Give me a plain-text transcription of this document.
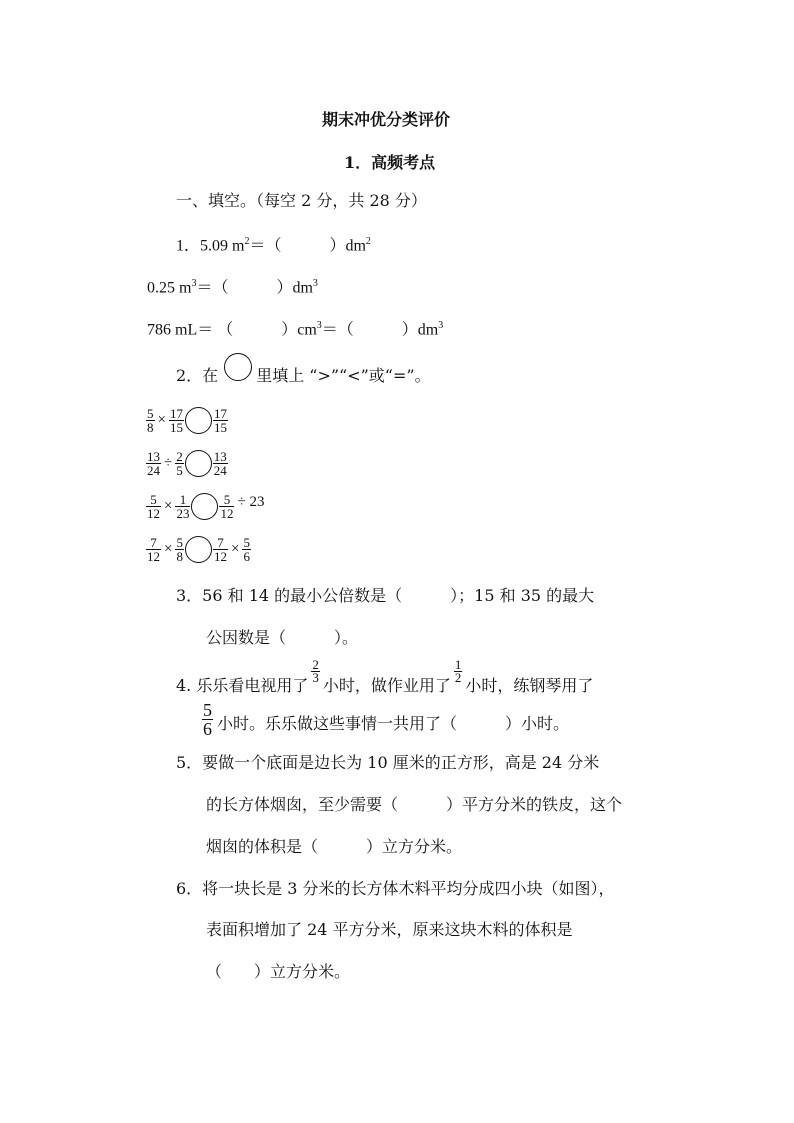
期末冲优分类评价
1．高频考点
一、填空。（每空 2 分，共 28 分）
1．5.09 $m^2=$（　　　）$dm^2$
0.25 $m^3=$（　　　）$dm^3$
786 mL＝ （　　　）$cm^3=$（　　　）$dm^3$
2．在 里填上 “>”“<”或“=”。
$\frac{5}{8} \times \frac{17}{15} \frac{17}{15}$
$\frac{13}{24} \div \frac{2}{5} \frac{13}{24}$
$\frac{5}{12} \times \frac{1}{23} \frac{5}{12} \div 23$
$\frac{7}{12} \times \frac{5}{8} \frac{7}{12} \times \frac{5}{6}$
3．56 和 14 的最小公倍数是（　　　）；15 和 35 的最大
公因数是（　　　）。
4. 乐乐看电视用了
$\frac{2}{3}$
小时，做作业用了
$\frac{1}{2}$
小时，练钢琴用了
$\frac{5}{6}$ 小时。乐乐做这些事情一共用了（　　　）小时。
5．要做一个底面是边长为 10 厘米的正方形，高是 24 分米
的长方体烟囱，至少需要（　　　）平方分米的铁皮，这个
烟囱的体积是（　　　）立方分米。
6．将一块长是 3 分米的长方体木料平均分成四小块（如图），
表面积增加了 24 平方分米，原来这块木料的体积是
（　　）立方分米。
